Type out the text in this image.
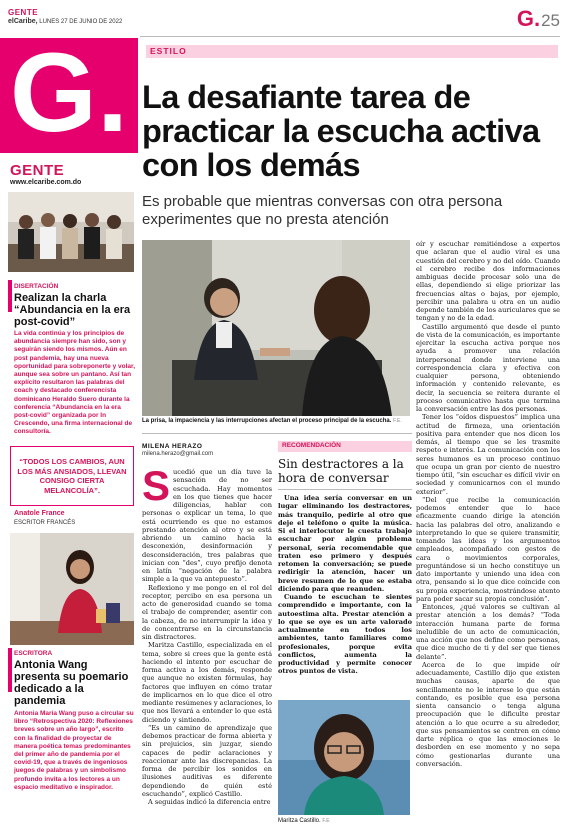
GENTE
elCaribe, LUNES 27 DE JUNIO DE 2022	G. 25
G.
GENTE
www.elcaribe.com.do
DISERTACIÓN
Realizan la charla “Abundancia en la era post-covid”
La vida continúa y los principios de abundancia siempre han sido, son y seguirán siendo los mismos. Aún en post pandemia, hay una nueva oportunidad para sobreponerte y volar, aunque sea sobre un pantano. Así tan explícito resultaron las palabras del coach y destacado conferencista dominicano Heraldo Suero durante la conferencia “Abundancia en la era post-covid” organizada por In Crescendo, una firma internacional de consultoría.
“TODOS LOS CAMBIOS, AUN LOS MÁS ANSIADOS, LLEVAN CONSIGO CIERTA MELANCOLÍA”.
Anatole France
ESCRITOR FRANCÉS
ESCRITORA
Antonia Wang presenta su poemario dedicado a la pandemia
Antonia María Wang puso a circular su libro “Retrospectiva 2020: Reflexiones breves sobre un año largo”, escrito con la finalidad de proyectar de manera poética temas predominantes del primer año de pandemia por el covid-19, que a través de ingeniosos juegos de palabras y un simbolismo profundo invita a los lectores a un espacio meditativo e inspirador.
ESTILO
La desafiante tarea de practicar la escucha activa con los demás
Es probable que mientras conversas con otra persona experimentes que no presta atención
La prisa, la impaciencia y las interrupciones afectan el proceso principal de la escucha. F.E.
MILENA HERAZO
milena.herazo@gmail.com

Sucedió que un día tuve la sensación de no ser escuchada. Hay momentos en los que tienes que hacer diligencias, hablar con personas o explicar un tema, lo que está ocurriendo es que no estamos prestando atención al otro y se está abriendo un camino hacia la desconexión, desinformación y desconsideración, tres palabras que inician con “des”, cuyo prefijo denota en latín “negación de la palabra simple a la que va antepuesto”.

Reflexiono y me pongo en el rol del receptor, percibo en esa persona un acto de generosidad cuando se toma el trabajo de comprender, asentir con la cabeza, de no interrumpir la idea y de concentrarse en la circunstancia sin distractores.

Maritza Castillo, especializada en el tema, sobre si crees que la gente está haciendo el intento por escuchar de forma activa a los demás, responde que aunque no existen fórmulas, hay factores que influyen en cómo tratar de implicarnos en lo que dice el otro mediante resúmenes y aclaraciones, lo que nos llevará a entender lo que está diciendo y sintiendo.

“Es un camino de aprendizaje que debemos practicar de forma abierta y sin prejuicios, sin juzgar, siendo capaces de pedir aclaraciones y reaccionar ante las discrepancias. La forma de percibir los sonidos en ilusiones auditivas es diferente dependiendo de quién esté escuchando”, explicó Castillo.

A seguidas indicó la diferencia entre

RECOMENDACIÓN
Sin destractores a la hora de conversar

Una idea sería conversar en un lugar eliminando los destractores, más tranquilo, pedirle al otro que deje el teléfono o quite la música. Si el interlocutor le cuesta trabajo escuchar por algún problema personal, sería recomendable que traten eso primero y después retomen la conversación; se puede redirigir la atención, hacer un breve resumen de lo que se estaba diciendo para que reanuden.

Cuando te escuchan te sientes comprendido e importante, con la autoestima alta. Prestar atención a lo que se oye es un arte valorado actualmente en todos los ambientes, tanto familiares como profesionales, porque evita conflictos, aumenta la productividad y permite conocer otros puntos de vista.

Maritza Castillo. F.E

oír y escuchar remitiéndose a expertos que aclaran que el audio viral es una cuestión del cerebro y no del oído. Cuando el cerebro recibe dos informaciones ambiguas decide procesar solo una de ellas, dependiendo si elige priorizar las frecuencias altas o bajas, por ejemplo, percibir una palabra u otra en un audio depende también de los auriculares que se tengan y no de la edad.

Castillo argumentó que desde el punto de vista de la comunicación, es importante ejercitar la escucha activa porque nos ayuda a promover una relación interpersonal donde interviene una correspondencia clara y efectiva con cualquier persona, obteniendo información y contenido relevante, es decir, la secuencia se reitera durante el proceso comunicativo hasta que termina la conversación entre las dos personas.

Tener los “oídos dispuestos” implica una actitud de firmeza, una orientación positiva para entender que nos dicen los demás, al tiempo que se les trasmite respeto e interés. La comunicación con los seres humanos es un proceso continuo que ocupa un gran por ciento de nuestro tiempo útil, “sin escuchar es difícil vivir en sociedad y comunicarnos con el mundo exterior”.

“Del que recibe la comunicación podemos entender que lo hace eficazmente cuando dirige la atención hacia las palabras del otro, analizando e interpretando lo que se quiere transmitir, tomando las ideas y los argumentos empleados, acompañado con gestos de cara o movimientos corporales, preguntándose si un hecho constituye un dato importante y uniendo una idea con otra, pensando si lo que dice coincide con su propia experiencia, mostrándose atento para poder sacar su propia conclusión”.

Entonces, ¿qué valores se cultivan al prestar atención a los demás? “Toda interacción humana parte de forma ineludible de un acto de comunicación, una acción que nos define como personas, que dice mucho de ti y del ser que tienes delante”.

Acerca de lo que impide oír adecuadamente, Castillo dijo que existen muchas causas, aparte de que sencillamente no le interese lo que están contando, es posible que esa persona sienta cansancio o tenga alguna preocupación que le dificulte prestar atención a lo que ocurre a su alrededor, que sus pensamientos se centren en cómo darte réplica o que las emociones le desborden en ese momento y no sepa cómo gestionarlas durante una conversación.
